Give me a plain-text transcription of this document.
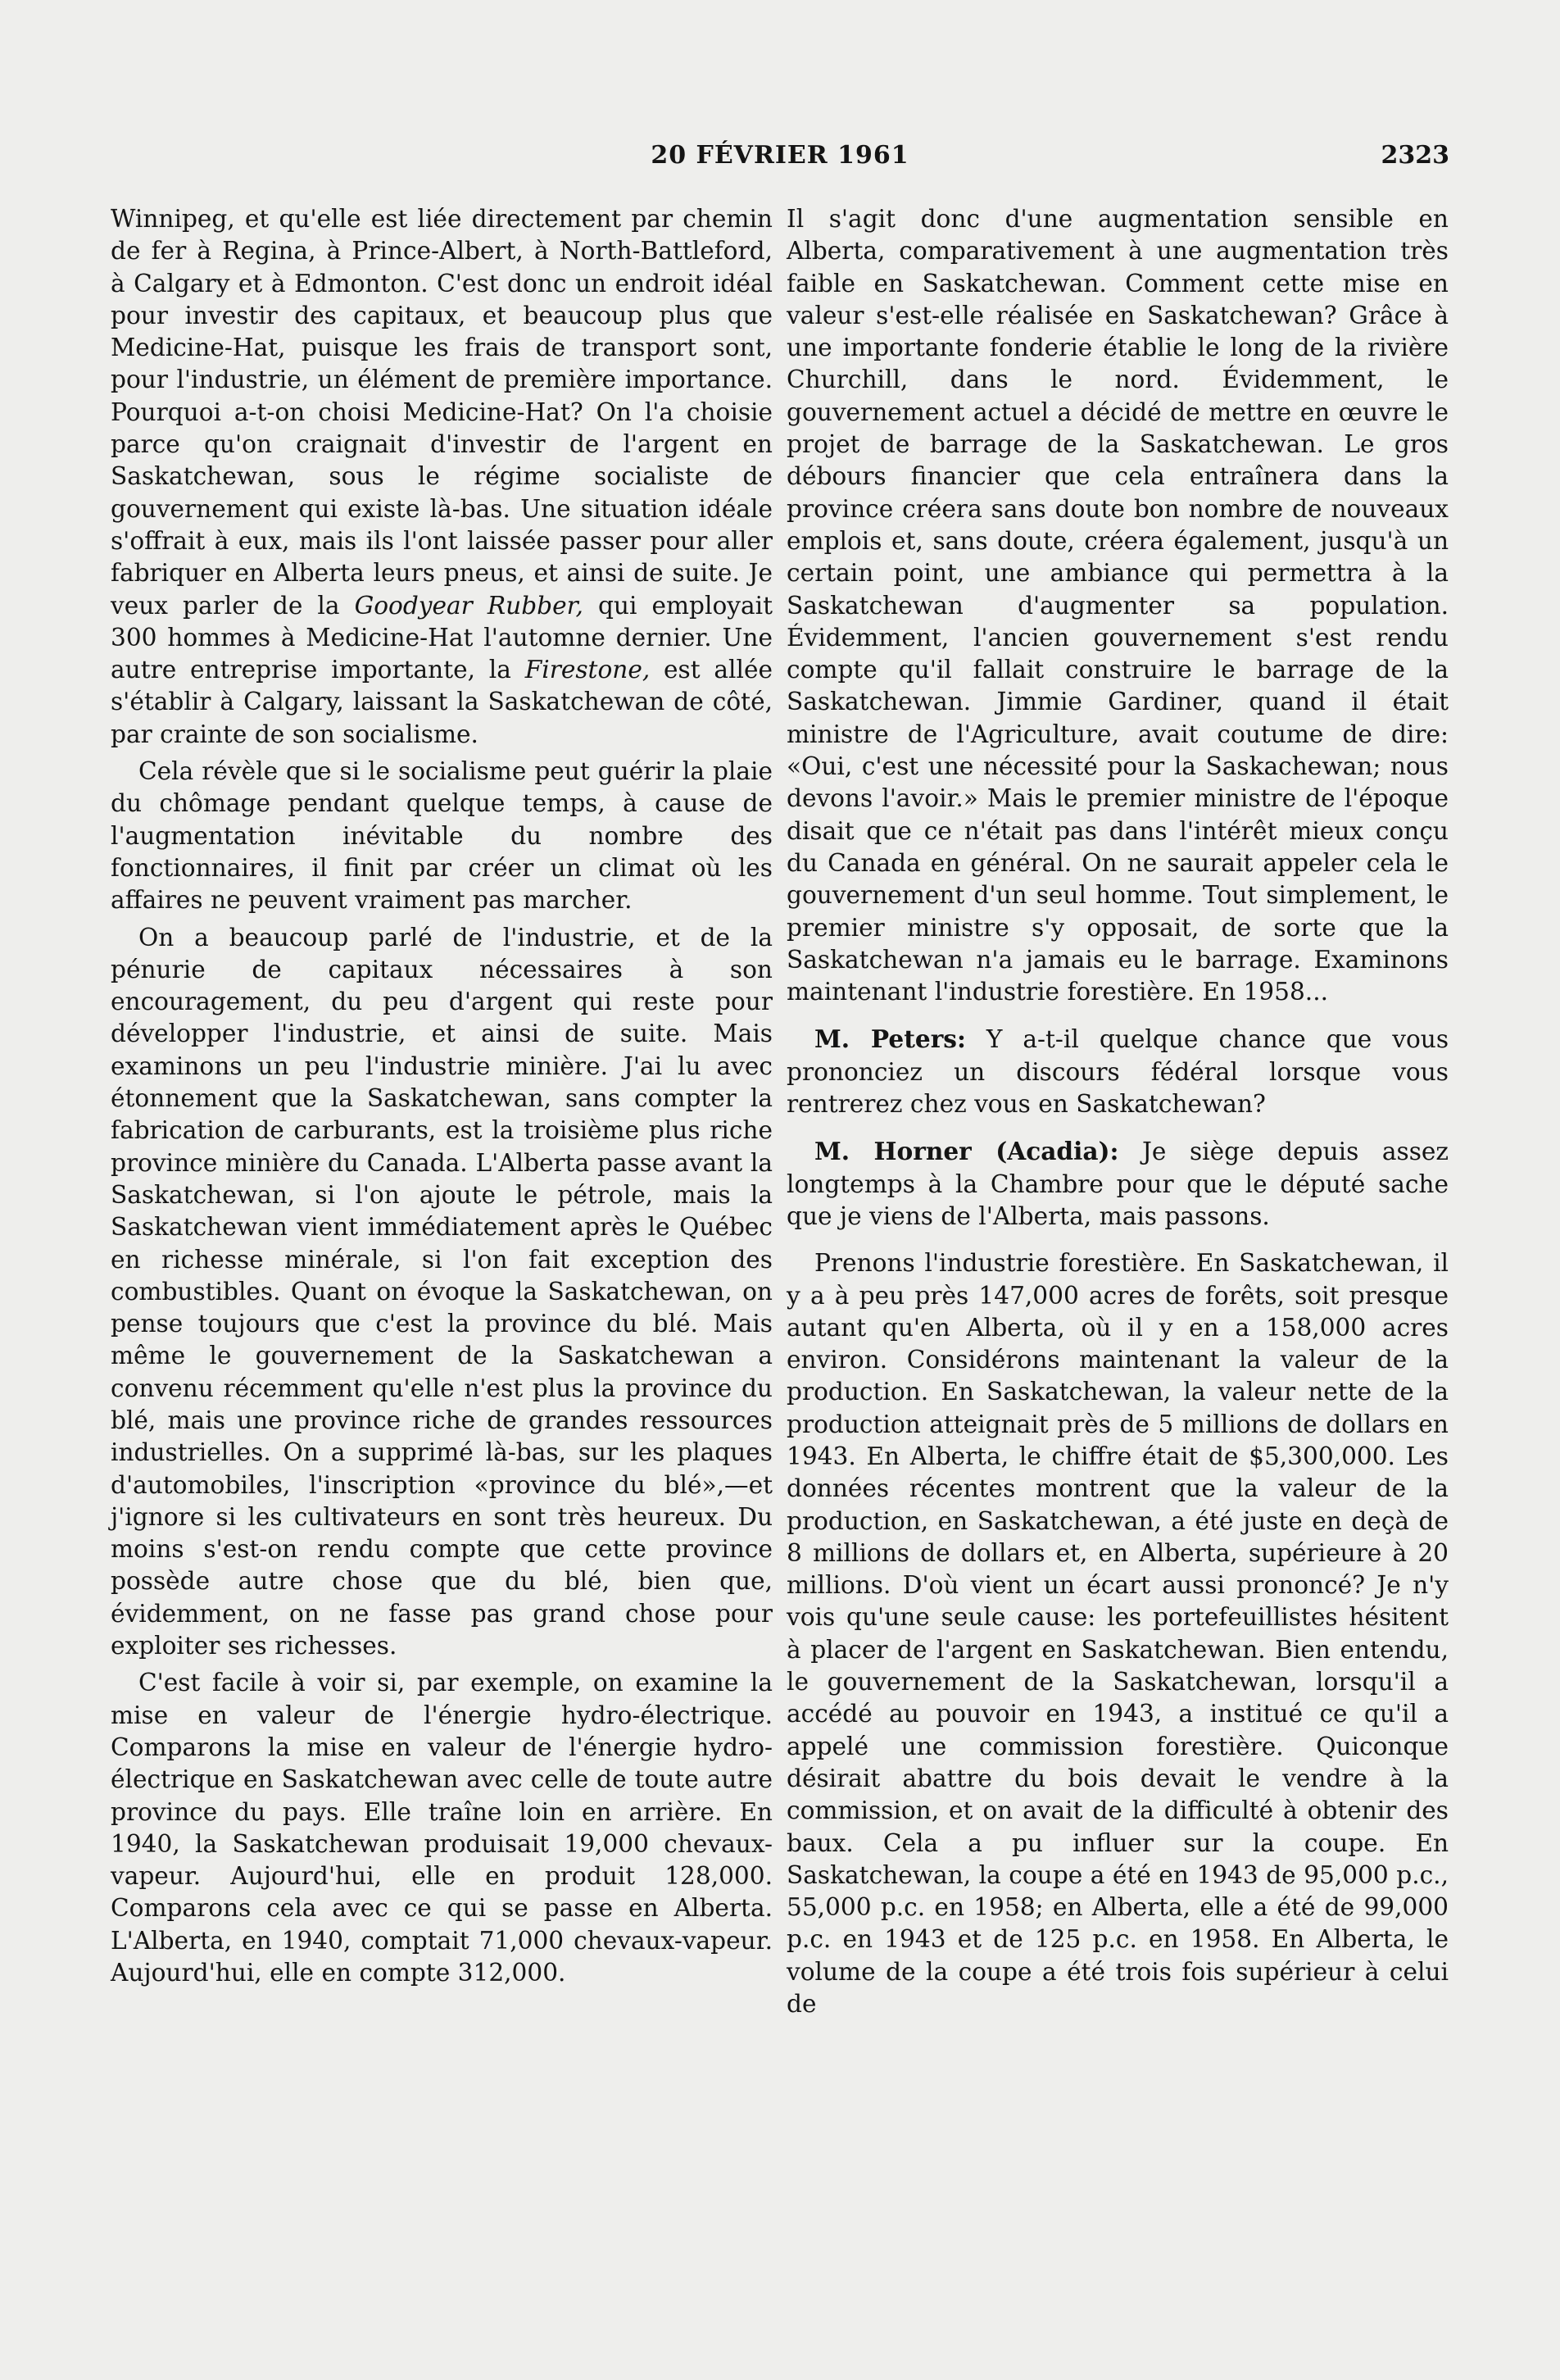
20 FÉVRIER 1961	2323

Winnipeg, et qu'elle est liée directement par chemin de fer à Regina, à Prince-Albert, à North-Battleford, à Calgary et à Edmonton. C'est donc un endroit idéal pour investir des capitaux, et beaucoup plus que Medicine-Hat, puisque les frais de transport sont, pour l'industrie, un élément de première importance. Pourquoi a-t-on choisi Medicine-Hat? On l'a choisie parce qu'on craignait d'investir de l'argent en Saskatchewan, sous le régime socialiste de gouvernement qui existe là-bas. Une situation idéale s'offrait à eux, mais ils l'ont laissée passer pour aller fabriquer en Alberta leurs pneus, et ainsi de suite. Je veux parler de la Goodyear Rubber, qui employait 300 hommes à Medicine-Hat l'automne dernier. Une autre entreprise importante, la Firestone, est allée s'établir à Calgary, laissant la Saskatchewan de côté, par crainte de son socialisme.

Cela révèle que si le socialisme peut guérir la plaie du chômage pendant quelque temps, à cause de l'augmentation inévitable du nombre des fonctionnaires, il finit par créer un climat où les affaires ne peuvent vraiment pas marcher.

On a beaucoup parlé de l'industrie, et de la pénurie de capitaux nécessaires à son encouragement, du peu d'argent qui reste pour développer l'industrie, et ainsi de suite. Mais examinons un peu l'industrie minière. J'ai lu avec étonnement que la Saskatchewan, sans compter la fabrication de carburants, est la troisième plus riche province minière du Canada. L'Alberta passe avant la Saskatchewan, si l'on ajoute le pétrole, mais la Saskatchewan vient immédiatement après le Québec en richesse minérale, si l'on fait exception des combustibles. Quant on évoque la Saskatchewan, on pense toujours que c'est la province du blé. Mais même le gouvernement de la Saskatchewan a convenu récemment qu'elle n'est plus la province du blé, mais une province riche de grandes ressources industrielles. On a supprimé là-bas, sur les plaques d'automobiles, l'inscription «province du blé»,—et j'ignore si les cultivateurs en sont très heureux. Du moins s'est-on rendu compte que cette province possède autre chose que du blé, bien que, évidemment, on ne fasse pas grand chose pour exploiter ses richesses.

C'est facile à voir si, par exemple, on examine la mise en valeur de l'énergie hydro-électrique. Comparons la mise en valeur de l'énergie hydro-électrique en Saskatchewan avec celle de toute autre province du pays. Elle traîne loin en arrière. En 1940, la Saskatchewan produisait 19,000 chevaux-vapeur. Aujourd'hui, elle en produit 128,000. Comparons cela avec ce qui se passe en Alberta. L'Alberta, en 1940, comptait 71,000 chevaux-vapeur. Aujourd'hui, elle en compte 312,000.

Il s'agit donc d'une augmentation sensible en Alberta, comparativement à une augmentation très faible en Saskatchewan. Comment cette mise en valeur s'est-elle réalisée en Saskatchewan? Grâce à une importante fonderie établie le long de la rivière Churchill, dans le nord. Évidemment, le gouvernement actuel a décidé de mettre en œuvre le projet de barrage de la Saskatchewan. Le gros débours financier que cela entraînera dans la province créera sans doute bon nombre de nouveaux emplois et, sans doute, créera également, jusqu'à un certain point, une ambiance qui permettra à la Saskatchewan d'augmenter sa population. Évidemment, l'ancien gouvernement s'est rendu compte qu'il fallait construire le barrage de la Saskatchewan. Jimmie Gardiner, quand il était ministre de l'Agriculture, avait coutume de dire: «Oui, c'est une nécessité pour la Saskachewan; nous devons l'avoir.» Mais le premier ministre de l'époque disait que ce n'était pas dans l'intérêt mieux conçu du Canada en général. On ne saurait appeler cela le gouvernement d'un seul homme. Tout simplement, le premier ministre s'y opposait, de sorte que la Saskatchewan n'a jamais eu le barrage. Examinons maintenant l'industrie forestière. En 1958...

M. Peters: Y a-t-il quelque chance que vous prononciez un discours fédéral lorsque vous rentrerez chez vous en Saskatchewan?

M. Horner (Acadia): Je siège depuis assez longtemps à la Chambre pour que le député sache que je viens de l'Alberta, mais passons.

Prenons l'industrie forestière. En Saskatchewan, il y a à peu près 147,000 acres de forêts, soit presque autant qu'en Alberta, où il y en a 158,000 acres environ. Considérons maintenant la valeur de la production. En Saskatchewan, la valeur nette de la production atteignait près de 5 millions de dollars en 1943. En Alberta, le chiffre était de $5,300,000. Les données récentes montrent que la valeur de la production, en Saskatchewan, a été juste en deçà de 8 millions de dollars et, en Alberta, supérieure à 20 millions. D'où vient un écart aussi prononcé? Je n'y vois qu'une seule cause: les portefeuillistes hésitent à placer de l'argent en Saskatchewan. Bien entendu, le gouvernement de la Saskatchewan, lorsqu'il a accédé au pouvoir en 1943, a institué ce qu'il a appelé une commission forestière. Quiconque désirait abattre du bois devait le vendre à la commission, et on avait de la difficulté à obtenir des baux. Cela a pu influer sur la coupe. En Saskatchewan, la coupe a été en 1943 de 95,000 p.c., 55,000 p.c. en 1958; en Alberta, elle a été de 99,000 p.c. en 1943 et de 125 p.c. en 1958. En Alberta, le volume de la coupe a été trois fois supérieur à celui de
